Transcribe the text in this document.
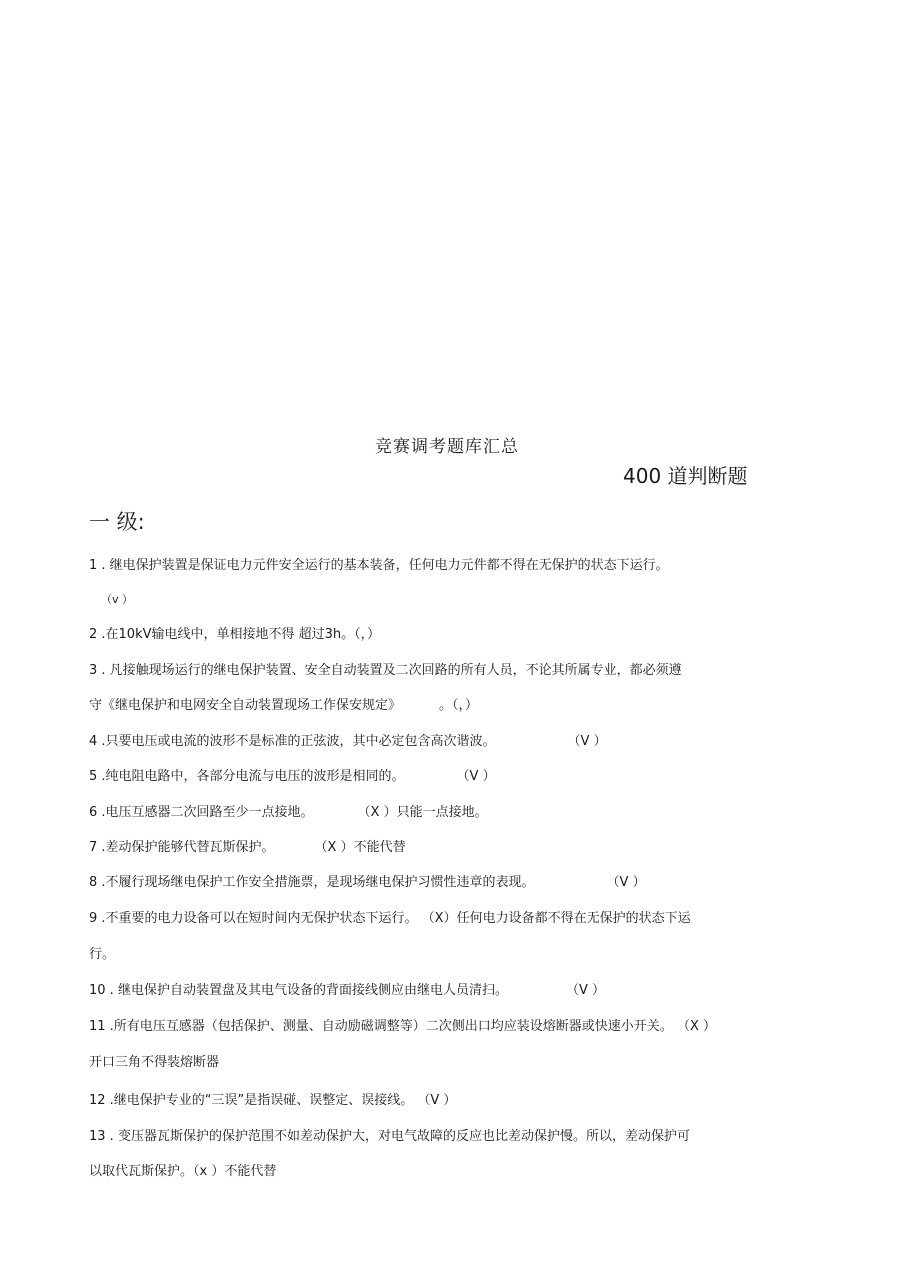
竞赛调考题库汇总
400 道判断题
一 级:
1 . 继电保护装置是保证电力元件安全运行的基本装备，任何电力元件都不得在无保护的状态下运行。
（v ）
2 .在10kV输电线中，单相接地不得 超过3h。（，）
3 . 凡接触现场运行的继电保护装置、安全自动装置及二次回路的所有人员，不论其所属专业，都必须遵
守《继电保护和电网安全自动装置现场工作保安规定》	。（，）
4 .只要电压或电流的波形不是标准的正弦波，其中必定包含高次谐波。	（V ）
5 .纯电阻电路中，各部分电流与电压的波形是相同的。	（V ）
6 .电压互感器二次回路至少一点接地。	（X ）只能一点接地。
7 .差动保护能够代替瓦斯保护。	（X ）不能代替
8 .不履行现场继电保护工作安全措施票，是现场继电保护习惯性违章的表现。	（V ）
9 .不重要的电力设备可以在短时间内无保护状态下运行。 （X）任何电力设备都不得在无保护的状态下运
行。
10 . 继电保护自动装置盘及其电气设备的背面接线侧应由继电人员清扫。	（V ）
11 .所有电压互感器（包括保护、测量、自动励磁调整等）二次侧出口均应装设熔断器或快速小开关。 （X ）
开口三角不得装熔断器
12 .继电保护专业的“三误”是指误碰、误整定、误接线。 （V ）
13 . 变压器瓦斯保护的保护范围不如差动保护大，对电气故障的反应也比差动保护慢。所以，差动保护可
以取代瓦斯保护。（x ）不能代替
